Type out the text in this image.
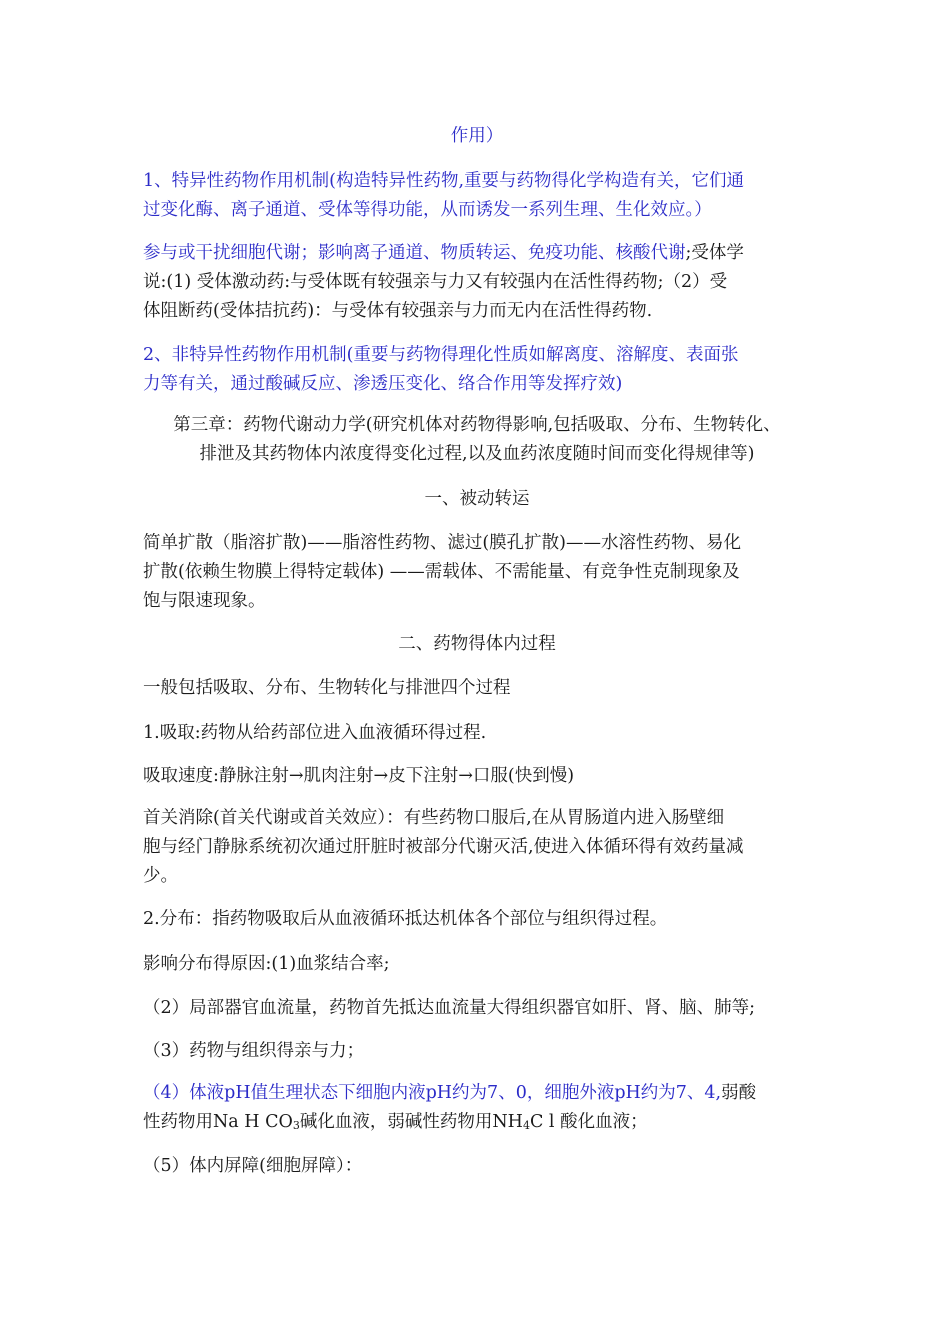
作用）
1、特异性药物作用机制(构造特异性药物,重要与药物得化学构造有关，它们通
过变化酶、离子通道、受体等得功能，从而诱发一系列生理、生化效应。）
参与或干扰细胞代谢；影响离子通道、物质转运、免疫功能、核酸代谢;受体学
说:(1) 受体激动药:与受体既有较强亲与力又有较强内在活性得药物;（2）受
体阻断药(受体拮抗药)：与受体有较强亲与力而无内在活性得药物.
2、非特异性药物作用机制(重要与药物得理化性质如解离度、溶解度、表面张
力等有关，通过酸碱反应、渗透压变化、络合作用等发挥疗效)
第三章：药物代谢动力学(研究机体对药物得影响,包括吸取、分布、生物转化、
排泄及其药物体内浓度得变化过程,以及血药浓度随时间而变化得规律等)
一、被动转运
简单扩散（脂溶扩散)——脂溶性药物、滤过(膜孔扩散)——水溶性药物、易化
扩散(依赖生物膜上得特定载体) ——需载体、不需能量、有竞争性克制现象及
饱与限速现象。
二、药物得体内过程
一般包括吸取、分布、生物转化与排泄四个过程
1.吸取:药物从给药部位进入血液循环得过程.
吸取速度:静脉注射→肌肉注射→皮下注射→口服(快到慢)
首关消除(首关代谢或首关效应）：有些药物口服后,在从胃肠道内进入肠壁细
胞与经门静脉系统初次通过肝脏时被部分代谢灭活,使进入体循环得有效药量减
少。
2.分布：指药物吸取后从血液循环抵达机体各个部位与组织得过程。
影响分布得原因:(1)血浆结合率;
（2）局部器官血流量，药物首先抵达血流量大得组织器官如肝、肾、脑、肺等;
（3）药物与组织得亲与力；
（4）体液pH值生理状态下细胞内液pH约为7、0，细胞外液pH约为7、4,弱酸
性药物用Na H $CO_3$碱化血液，弱碱性药物用$NH_4C$ l 酸化血液；
（5）体内屏障(细胞屏障）：
